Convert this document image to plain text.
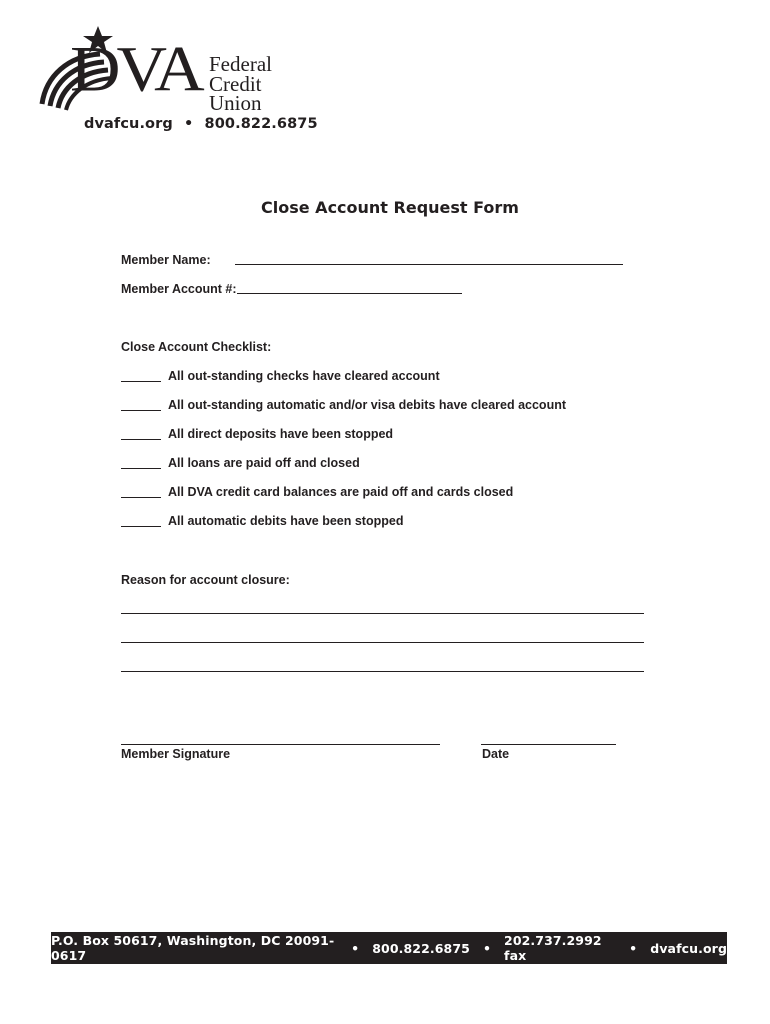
DVA Federal
Credit
Union
dvafcu.org • 800.822.6875
Close Account Request Form
Member Name:
Member Account #:
Close Account Checklist:
All out-standing checks have cleared account
All out-standing automatic and/or visa debits have cleared account
All direct deposits have been stopped
All loans are paid off and closed
All DVA credit card balances are paid off and cards closed
All automatic debits have been stopped
Reason for account closure:
Member Signature	Date
P.O. Box 50617, Washington, DC 20091-0617	• 800.822.6875 • 202.737.2992 fax	• dvafcu.org
